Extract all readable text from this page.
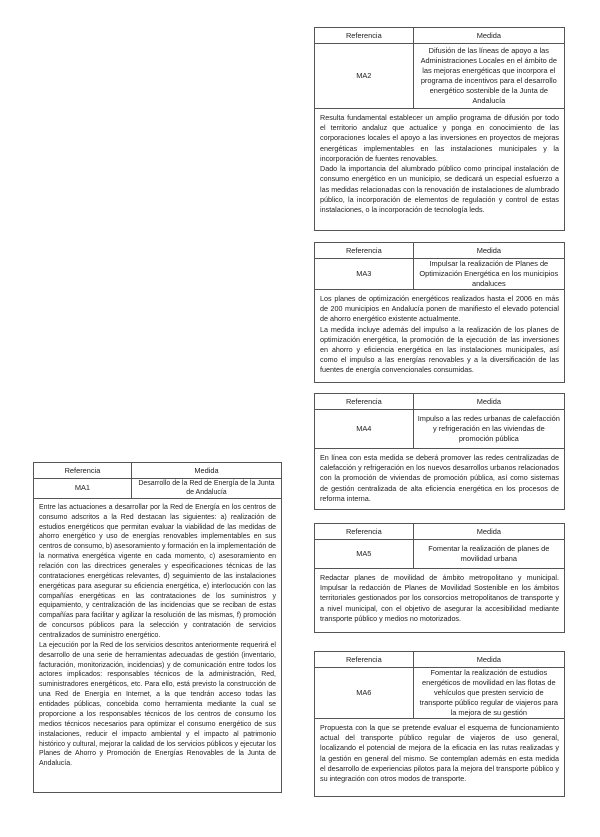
Referencia	Medida
MA1	Desarrollo de la Red de Energía de la Junta de Andalucía

Entre las actuaciones a desarrollar por la Red de Energía en los centros de consumo adscritos a la Red destacan las siguientes: a) realización de estudios energéticos que permitan evaluar la viabilidad de las medidas de ahorro energético y uso de energías renovables implementables en sus centros de consumo, b) asesoramiento y formación en la implementación de la normativa energética vigente en cada momento, c) asesoramiento en relación con las directrices generales y especificaciones técnicas de las contrataciones energéticas relevantes, d) seguimiento de las instalaciones energéticas para asegurar su eficiencia energética, e) interlocución con las compañías energéticas en las contrataciones de los suministros y equipamiento, y centralización de las incidencias que se reciban de estas compañías para facilitar y agilizar la resolución de las mismas, f) promoción de concursos públicos para la selección y contratación de servicios centralizados de suministro energético.

La ejecución por la Red de los servicios descritos anteriormente requerirá el desarrollo de una serie de herramientas adecuadas de gestión (inventario, facturación, monitorización, incidencias) y de comunicación entre todos los actores implicados: responsables técnicos de la administración, Red, suministradores energéticos, etc. Para ello, está previsto la construcción de una Red de Energía en Internet, a la que tendrán acceso todas las entidades públicas, concebida como herramienta mediante la cual se proporcione a los responsables técnicos de los centros de consumo los medios técnicos necesarios para optimizar el consumo energético de sus instalaciones, reducir el impacto ambiental y el impacto al patrimonio histórico y cultural, mejorar la calidad de los servicios públicos y ejecutar los Planes de Ahorro y Promoción de Energías Renovables de la Junta de Andalucía.

Referencia	Medida
MA2	Difusión de las líneas de apoyo a las Administraciones Locales en el ámbito de las mejoras energéticas que incorpora el programa de incentivos para el desarrollo energético sostenible de la Junta de Andalucía

Resulta fundamental establecer un amplio programa de difusión por todo el territorio andaluz que actualice y ponga en conocimiento de las corporaciones locales el apoyo a las inversiones en proyectos de mejoras energéticas implementables en las instalaciones municipales y la incorporación de fuentes renovables.

Dado la importancia del alumbrado público como principal instalación de consumo energético en un municipio, se dedicará un especial esfuerzo a las medidas relacionadas con la renovación de instalaciones de alumbrado público, la incorporación de elementos de regulación y control de estas instalaciones, o la incorporación de tecnología leds.

Referencia	Medida
MA3	Impulsar la realización de Planes de Optimización Energética en los municipios andaluces

Los planes de optimización energéticos realizados hasta el 2006 en más de 200 municipios en Andalucía ponen de manifiesto el elevado potencial de ahorro energético existente actualmente.

La medida incluye además del impulso a la realización de los planes de optimización energética, la promoción de la ejecución de las inversiones en ahorro y eficiencia energética en las instalaciones municipales, así como el impulso a las energías renovables y a la diversificación de las fuentes de energía convencionales consumidas.

Referencia	Medida
MA4	Impulso a las redes urbanas de calefacción y refrigeración en las viviendas de promoción pública

En línea con esta medida se deberá promover las redes centralizadas de calefacción y refrigeración en los nuevos desarrollos urbanos relacionados con la promoción de viviendas de promoción pública, así como sistemas de gestión centralizada de alta eficiencia energética en los procesos de reforma interna.

Referencia	Medida
MA5	Fomentar la realización de planes de movilidad urbana

Redactar planes de movilidad de ámbito metropolitano y municipal. Impulsar la redacción de Planes de Movilidad Sostenible en los ámbitos territoriales gestionados por los consorcios metropolitanos de transporte y a nivel municipal, con el objetivo de asegurar la accesibilidad mediante transporte público y medios no motorizados.

Referencia	Medida
MA6	Fomentar la realización de estudios energéticos de movilidad en las flotas de vehículos que presten servicio de transporte público regular de viajeros para la mejora de su gestión

Propuesta con la que se pretende evaluar el esquema de funcionamiento actual del transporte público regular de viajeros de uso general, localizando el potencial de mejora de la eficacia en las rutas realizadas y la gestión en general del mismo. Se contemplan además en esta medida el desarrollo de experiencias pilotos para la mejora del transporte público y su integración con otros modos de transporte.
